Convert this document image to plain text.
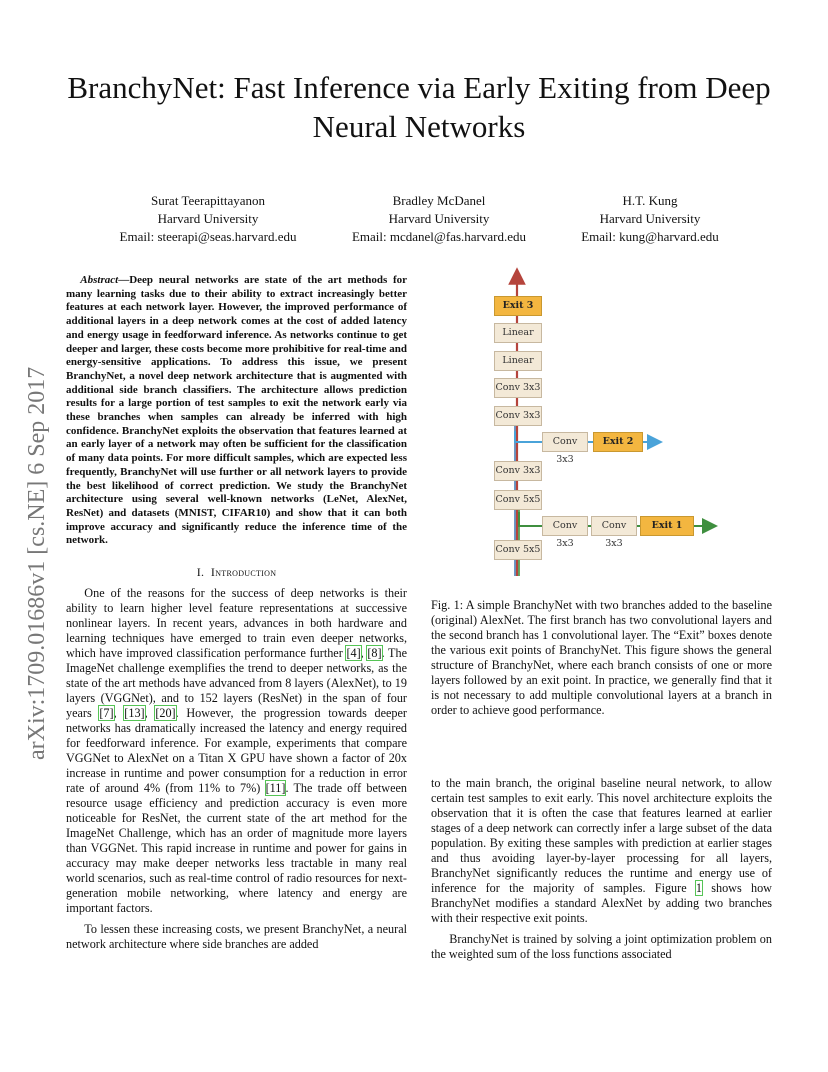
BranchyNet: Fast Inference via Early Exiting from Deep Neural Networks
Surat Teerapittayanon
Harvard University
Email: steerapi@seas.harvard.edu
Bradley McDanel
Harvard University
Email: mcdanel@fas.harvard.edu
H.T. Kung
Harvard University
Email: kung@harvard.edu
arXiv:1709.01686v1 [cs.NE] 6 Sep 2017

Abstract—Deep neural networks are state of the art methods for many learning tasks due to their ability to extract increasingly better features at each network layer. However, the improved performance of additional layers in a deep network comes at the cost of added latency and energy usage in feedforward inference. As networks continue to get deeper and larger, these costs become more prohibitive for real-time and energy-sensitive applications. To address this issue, we present BranchyNet, a novel deep network architecture that is augmented with additional side branch classifiers. The architecture allows prediction results for a large portion of test samples to exit the network early via these branches when samples can already be inferred with high confidence. BranchyNet exploits the observation that features learned at an early layer of a network may often be sufficient for the classification of many data points. For more difficult samples, which are expected less frequently, BranchyNet will use further or all network layers to provide the best likelihood of correct prediction. We study the BranchyNet architecture using several well-known networks (LeNet, AlexNet, ResNet) and datasets (MNIST, CIFAR10) and show that it can both improve accuracy and significantly reduce the inference time of the network.

I. Introduction

One of the reasons for the success of deep networks is their ability to learn higher level feature representations at successive nonlinear layers. In recent years, advances in both hardware and learning techniques have emerged to train even deeper networks, which have improved classification performance further [4], [8]. The ImageNet challenge exemplifies the trend to deeper networks, as the state of the art methods have advanced from 8 layers (AlexNet), to 19 layers (VGGNet), and to 152 layers (ResNet) in the span of four years [7], [13], [20]. However, the progression towards deeper networks has dramatically increased the latency and energy required for feedforward inference. For example, experiments that compare VGGNet to AlexNet on a Titan X GPU have shown a factor of 20x increase in runtime and power consumption for a reduction in error rate of around 4% (from 11% to 7%) [11]. The trade off between resource usage efficiency and prediction accuracy is even more noticeable for ResNet, the current state of the art method for the ImageNet Challenge, which has an order of magnitude more layers than VGGNet. This rapid increase in runtime and power for gains in accuracy may make deeper networks less tractable in many real world scenarios, such as real-time control of radio resources for next-generation mobile networking, where latency and energy are important factors.

To lessen these increasing costs, we present BranchyNet, a neural network architecture where side branches are added

Exit 3
Linear
Linear
Conv 3x3
Conv 3x3
Conv 3x3
Exit 2
Conv 3x3
Conv 5x5
Conv 3x3
Conv 3x3
Exit 1
Conv 5x5

Fig. 1: A simple BranchyNet with two branches added to the baseline (original) AlexNet. The first branch has two convolutional layers and the second branch has 1 convolutional layer. The “Exit” boxes denote the various exit points of BranchyNet. This figure shows the general structure of BranchyNet, where each branch consists of one or more layers followed by an exit point. In practice, we generally find that it is not necessary to add multiple convolutional layers at a branch in order to achieve good performance.

to the main branch, the original baseline neural network, to allow certain test samples to exit early. This novel architecture exploits the observation that it is often the case that features learned at earlier stages of a deep network can correctly infer a large subset of the data population. By exiting these samples with prediction at earlier stages and thus avoiding layer-by-layer processing for all layers, BranchyNet significantly reduces the runtime and energy use of inference for the majority of samples. Figure 1 shows how BranchyNet modifies a standard AlexNet by adding two branches with their respective exit points.

BranchyNet is trained by solving a joint optimization problem on the weighted sum of the loss functions associated
